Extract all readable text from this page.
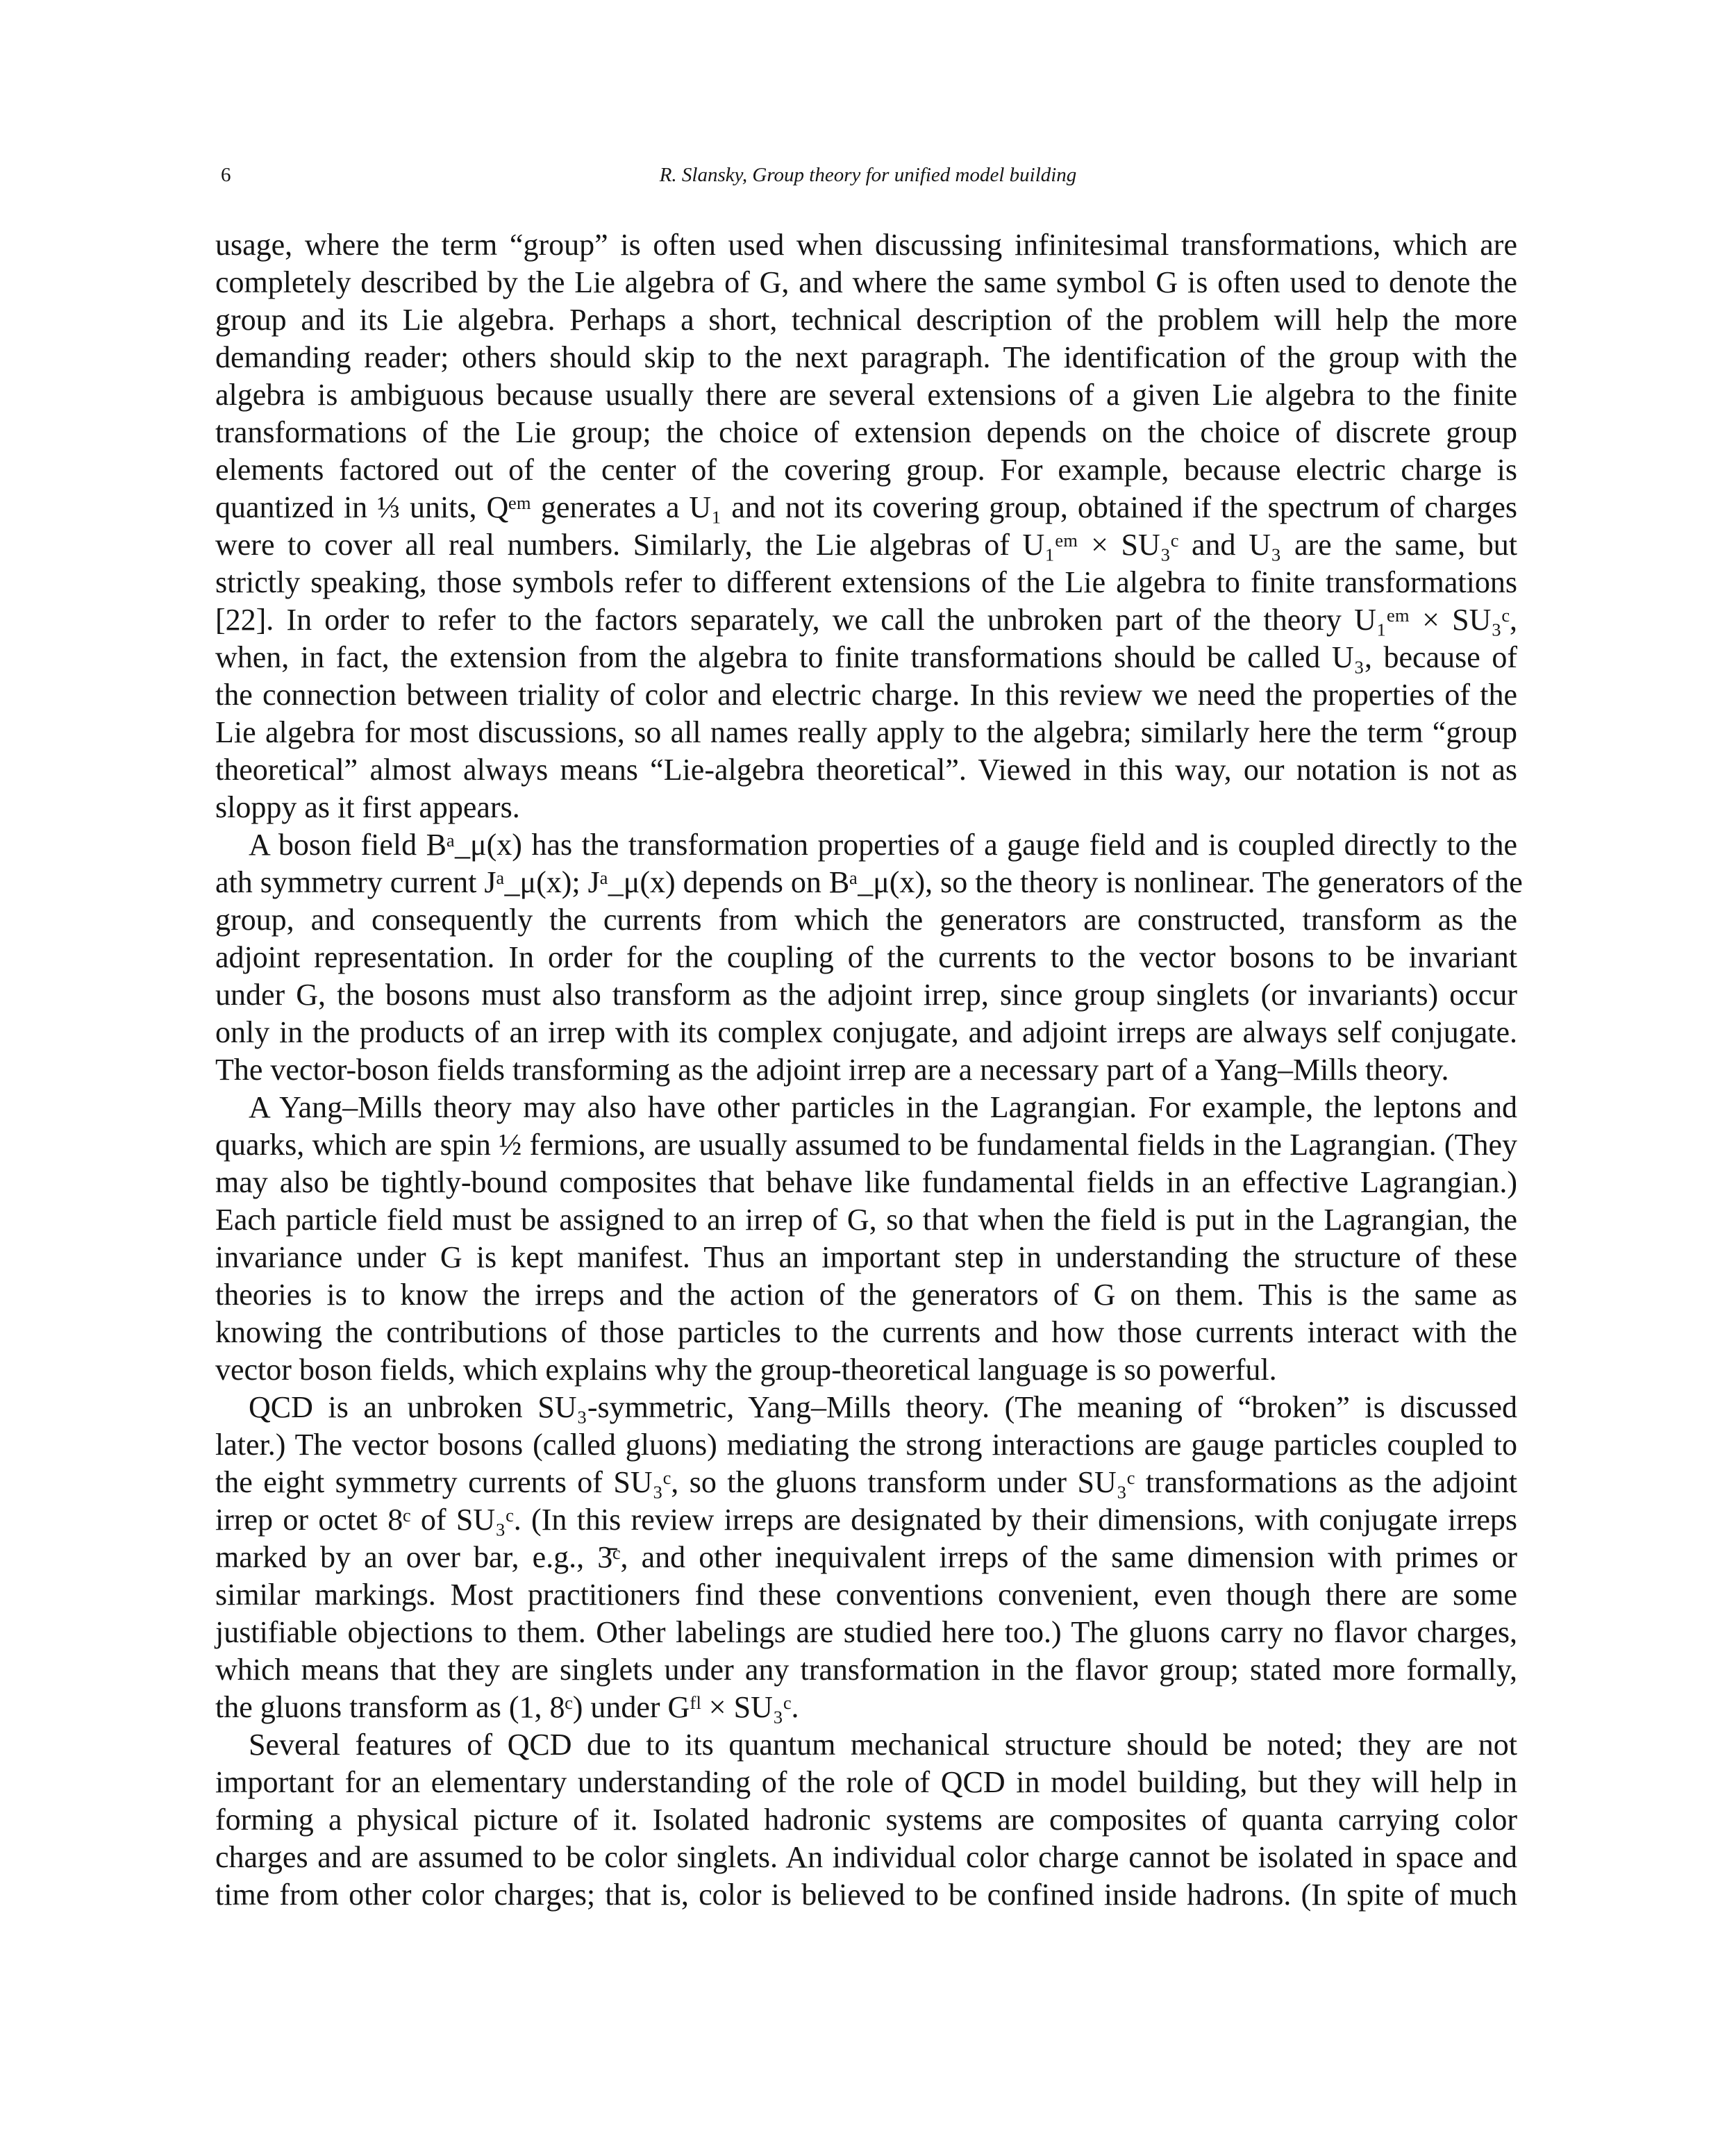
6	R. Slansky, Group theory for unified model building
usage, where the term “group” is often used when discussing infinitesimal transformations, which are
completely described by the Lie algebra of G, and where the same symbol G is often used to denote the
group and its Lie algebra. Perhaps a short, technical description of the problem will help the more
demanding reader; others should skip to the next paragraph. The identification of the group with the
algebra is ambiguous because usually there are several extensions of a given Lie algebra to the finite
transformations of the Lie group; the choice of extension depends on the choice of discrete group
elements factored out of the center of the covering group. For example, because electric charge is
quantized in ⅓ units, Qᵉᵐ generates a U₁ and not its covering group, obtained if the spectrum of charges
were to cover all real numbers. Similarly, the Lie algebras of U₁ᵉᵐ × SU₃ᶜ and U₃ are the same, but
strictly speaking, those symbols refer to different extensions of the Lie algebra to finite transformations
[22]. In order to refer to the factors separately, we call the unbroken part of the theory U₁ᵉᵐ × SU₃ᶜ,
when, in fact, the extension from the algebra to finite transformations should be called U₃, because of
the connection between triality of color and electric charge. In this review we need the properties of the
Lie algebra for most discussions, so all names really apply to the algebra; similarly here the term “group
theoretical” almost always means “Lie-algebra theoretical”. Viewed in this way, our notation is not as
sloppy as it first appears.
A boson field Bᵃ_μ(x) has the transformation properties of a gauge field and is coupled directly to the
ath symmetry current Jᵃ_μ(x); Jᵃ_μ(x) depends on Bᵃ_μ(x), so the theory is nonlinear. The generators of the
group, and consequently the currents from which the generators are constructed, transform as the
adjoint representation. In order for the coupling of the currents to the vector bosons to be invariant
under G, the bosons must also transform as the adjoint irrep, since group singlets (or invariants) occur
only in the products of an irrep with its complex conjugate, and adjoint irreps are always self conjugate.
The vector-boson fields transforming as the adjoint irrep are a necessary part of a Yang–Mills theory.
A Yang–Mills theory may also have other particles in the Lagrangian. For example, the leptons and
quarks, which are spin ½ fermions, are usually assumed to be fundamental fields in the Lagrangian. (They
may also be tightly-bound composites that behave like fundamental fields in an effective Lagrangian.)
Each particle field must be assigned to an irrep of G, so that when the field is put in the Lagrangian, the
invariance under G is kept manifest. Thus an important step in understanding the structure of these
theories is to know the irreps and the action of the generators of G on them. This is the same as
knowing the contributions of those particles to the currents and how those currents interact with the
vector boson fields, which explains why the group-theoretical language is so powerful.
QCD is an unbroken SU₃-symmetric, Yang–Mills theory. (The meaning of “broken” is discussed
later.) The vector bosons (called gluons) mediating the strong interactions are gauge particles coupled to
the eight symmetry currents of SU₃ᶜ, so the gluons transform under SU₃ᶜ transformations as the adjoint
irrep or octet 8ᶜ of SU₃ᶜ. (In this review irreps are designated by their dimensions, with conjugate irreps
marked by an over bar, e.g., 3̄ᶜ, and other inequivalent irreps of the same dimension with primes or
similar markings. Most practitioners find these conventions convenient, even though there are some
justifiable objections to them. Other labelings are studied here too.) The gluons carry no flavor charges,
which means that they are singlets under any transformation in the flavor group; stated more formally,
the gluons transform as (1, 8ᶜ) under Gᶠˡ × SU₃ᶜ.
Several features of QCD due to its quantum mechanical structure should be noted; they are not
important for an elementary understanding of the role of QCD in model building, but they will help in
forming a physical picture of it. Isolated hadronic systems are composites of quanta carrying color
charges and are assumed to be color singlets. An individual color charge cannot be isolated in space and
time from other color charges; that is, color is believed to be confined inside hadrons. (In spite of much
